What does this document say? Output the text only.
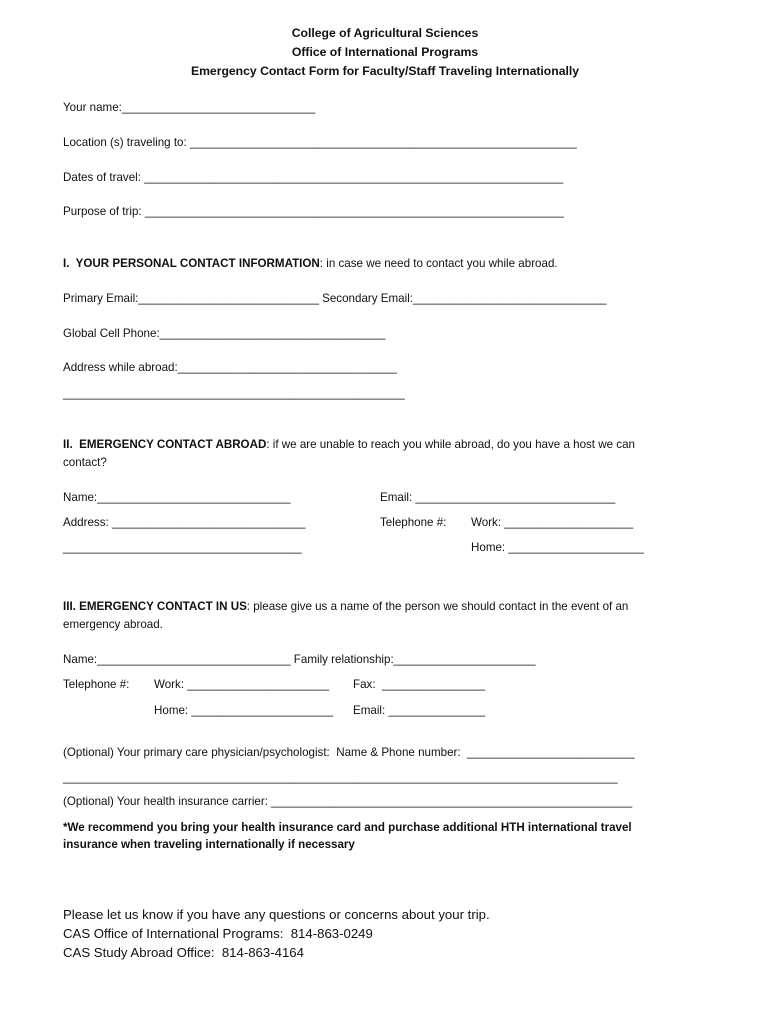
College of Agricultural Sciences
Office of International Programs
Emergency Contact Form for Faculty/Staff Traveling Internationally
Your name:______________________________
Location (s) traveling to: ____________________________________________________________
Dates of travel: _________________________________________________________________
Purpose of trip: _________________________________________________________________
I.  YOUR PERSONAL CONTACT INFORMATION: in case we need to contact you while abroad.
Primary Email:____________________________ Secondary Email:______________________________
Global Cell Phone:___________________________________
Address while abroad:__________________________________
_____________________________________________________
II.  EMERGENCY CONTACT ABROAD: if we are unable to reach you while abroad, do you have a host we can
contact?
Name:______________________________	Email: _______________________________
Address: ______________________________	Telephone #: Work: ____________________
_____________________________________	Home: _____________________
III. EMERGENCY CONTACT IN US: please give us a name of the person we should contact in the event of an
emergency abroad.
Name:______________________________ Family relationship:______________________
Telephone #: Work: ______________________ Fax:  ________________
Home: ______________________ Email: _______________
(Optional) Your primary care physician/psychologist:  Name & Phone number:  __________________________
______________________________________________________________________________________
(Optional) Your health insurance carrier: ________________________________________________________
*We recommend you bring your health insurance card and purchase additional HTH international travel
insurance when traveling internationally if necessary
Please let us know if you have any questions or concerns about your trip.
CAS Office of International Programs:  814-863-0249
CAS Study Abroad Office:  814-863-4164
